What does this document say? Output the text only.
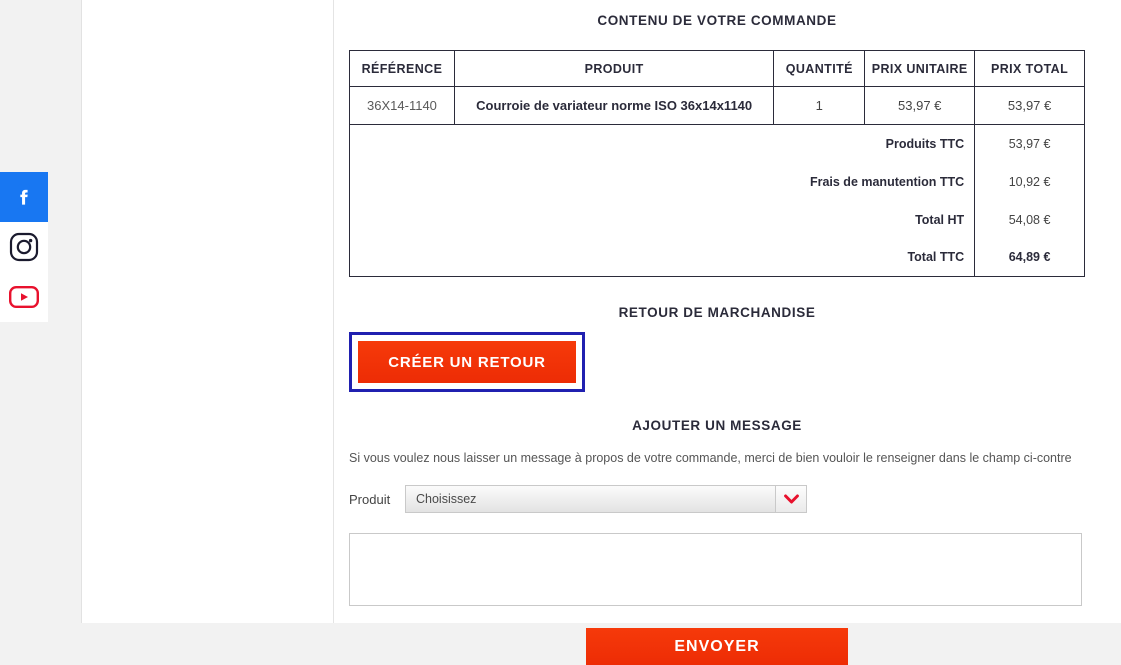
CONTENU DE VOTRE COMMANDE
RÉFÉRENCE	PRODUIT	QUANTITÉ	PRIX UNITAIRE	PRIX TOTAL
36X14-1140	Courroie de variateur norme ISO 36x14x1140	1	53,97 €	53,97 €
Produits TTC				53,97 €
Frais de manutention TTC				10,92 €
Total HT				54,08 €
Total TTC				64,89 €
RETOUR DE MARCHANDISE
CRÉER UN RETOUR
AJOUTER UN MESSAGE
Si vous voulez nous laisser un message à propos de votre commande, merci de bien vouloir le renseigner dans le champ ci-contre
Produit	Choisissez
ENVOYER
